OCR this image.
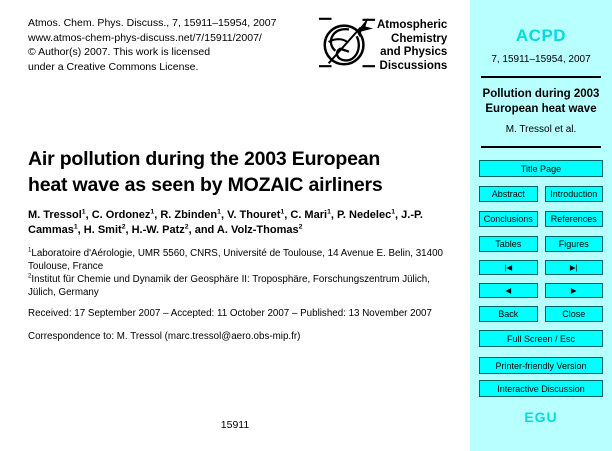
Atmos. Chem. Phys. Discuss., 7, 15911–15954, 2007
www.atmos-chem-phys-discuss.net/7/15911/2007/
© Author(s) 2007. This work is licensed
under a Creative Commons License.
Atmospheric
Chemistry
and Physics
Discussions
Air pollution during the 2003 European
heat wave as seen by MOZAIC airliners
M. Tressol$^1$, C. Ordonez$^1$, R. Zbinden$^1$, V. Thouret$^1$, C. Mari$^1$, P. Nedelec$^1$, J.-P. Cammas$^1$, H. Smit$^2$, H.-W. Patz$^2$, and A. Volz-Thomas$^2$
$^1$Laboratoire d'Aérologie, UMR 5560, CNRS, Université de Toulouse, 14 Avenue E. Belin, 31400 Toulouse, France
$^2$Institut für Chemie und Dynamik der Geosphäre II: Troposphäre, Forschungszentrum Jülich, Jülich, Germany
Received: 17 September 2007 – Accepted: 11 October 2007 – Published: 13 November 2007
Correspondence to: M. Tressol (marc.tressol@aero.obs-mip.fr)
15911
ACPD
7, 15911–15954, 2007
Pollution during 2003
European heat wave
M. Tressol et al.
Title Page
Abstract	Introduction
Conclusions	References
Tables	Figures
|◀	▶|
◀	▶
Back	Close
Full Screen / Esc
Printer-friendly Version
Interactive Discussion
EGU
